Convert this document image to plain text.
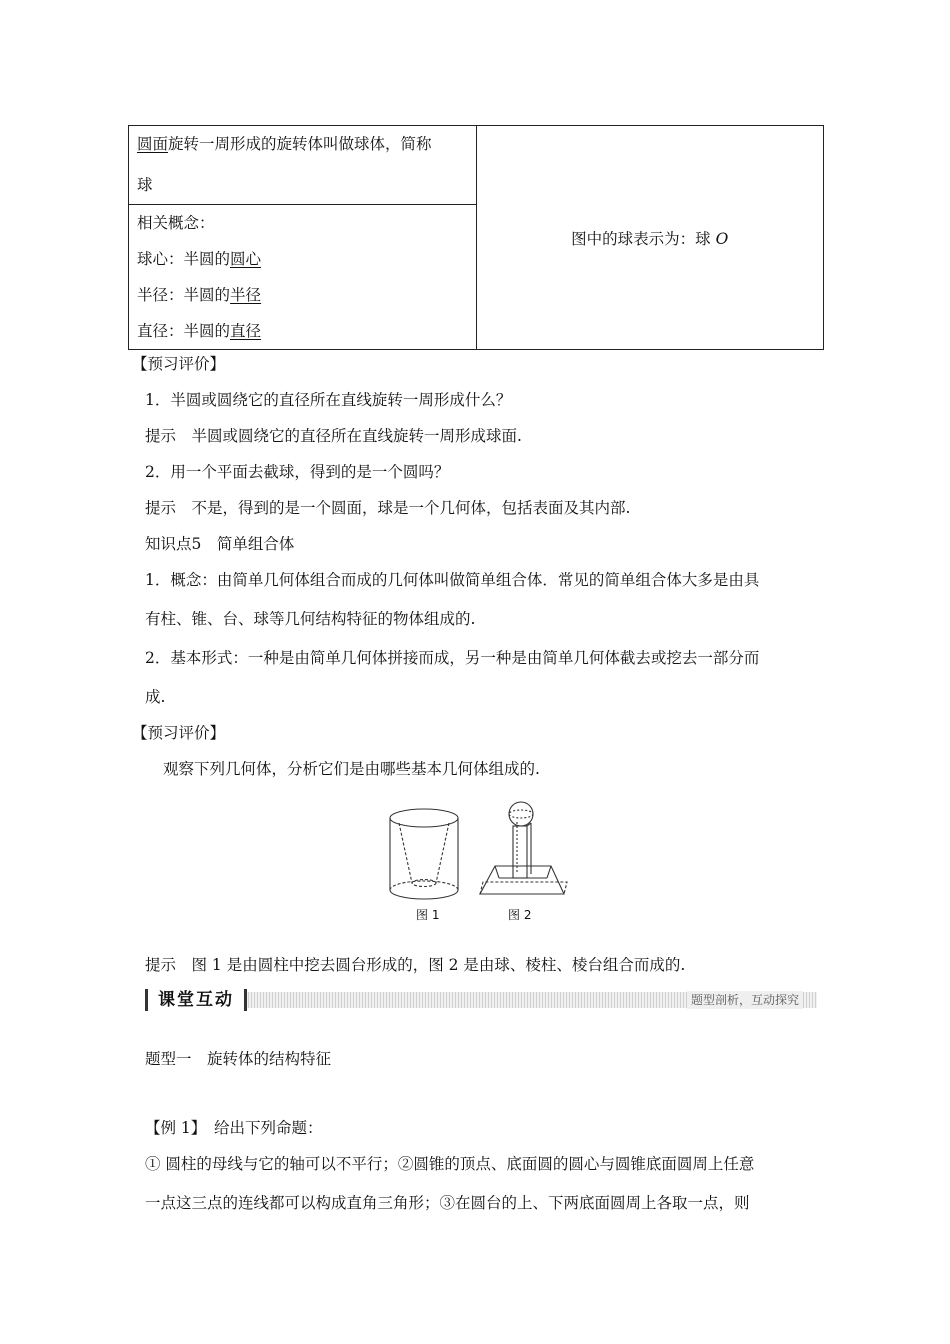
圆面旋转一周形成的旋转体叫做球体，简称
球
	图中的球表示为：球 O

相关概念：
球心：半圆的圆心
半径：半圆的半径
直径：半圆的直径
【预习评价】
1．半圆或圆绕它的直径所在直线旋转一周形成什么？
提示　半圆或圆绕它的直径所在直线旋转一周形成球面.
2．用一个平面去截球，得到的是一个圆吗？
提示　不是，得到的是一个圆面，球是一个几何体，包括表面及其内部.
知识点5　简单组合体
1．概念：由简单几何体组合而成的几何体叫做简单组合体．常见的简单组合体大多是由具
有柱、锥、台、球等几何结构特征的物体组成的.
2．基本形式：一种是由简单几何体拼接而成，另一种是由简单几何体截去或挖去一部分而
成.
【预习评价】
观察下列几何体，分析它们是由哪些基本几何体组成的.
图 1	图 2
提示　图 1 是由圆柱中挖去圆台形成的，图 2 是由球、棱柱、棱台组合而成的.
课堂互动	题型剖析，互动探究
题型一　旋转体的结构特征
【例 1】　给出下列命题：
① 圆柱的母线与它的轴可以不平行；②圆锥的顶点、底面圆的圆心与圆锥底面圆周上任意
一点这三点的连线都可以构成直角三角形；③在圆台的上、下两底面圆周上各取一点，则
